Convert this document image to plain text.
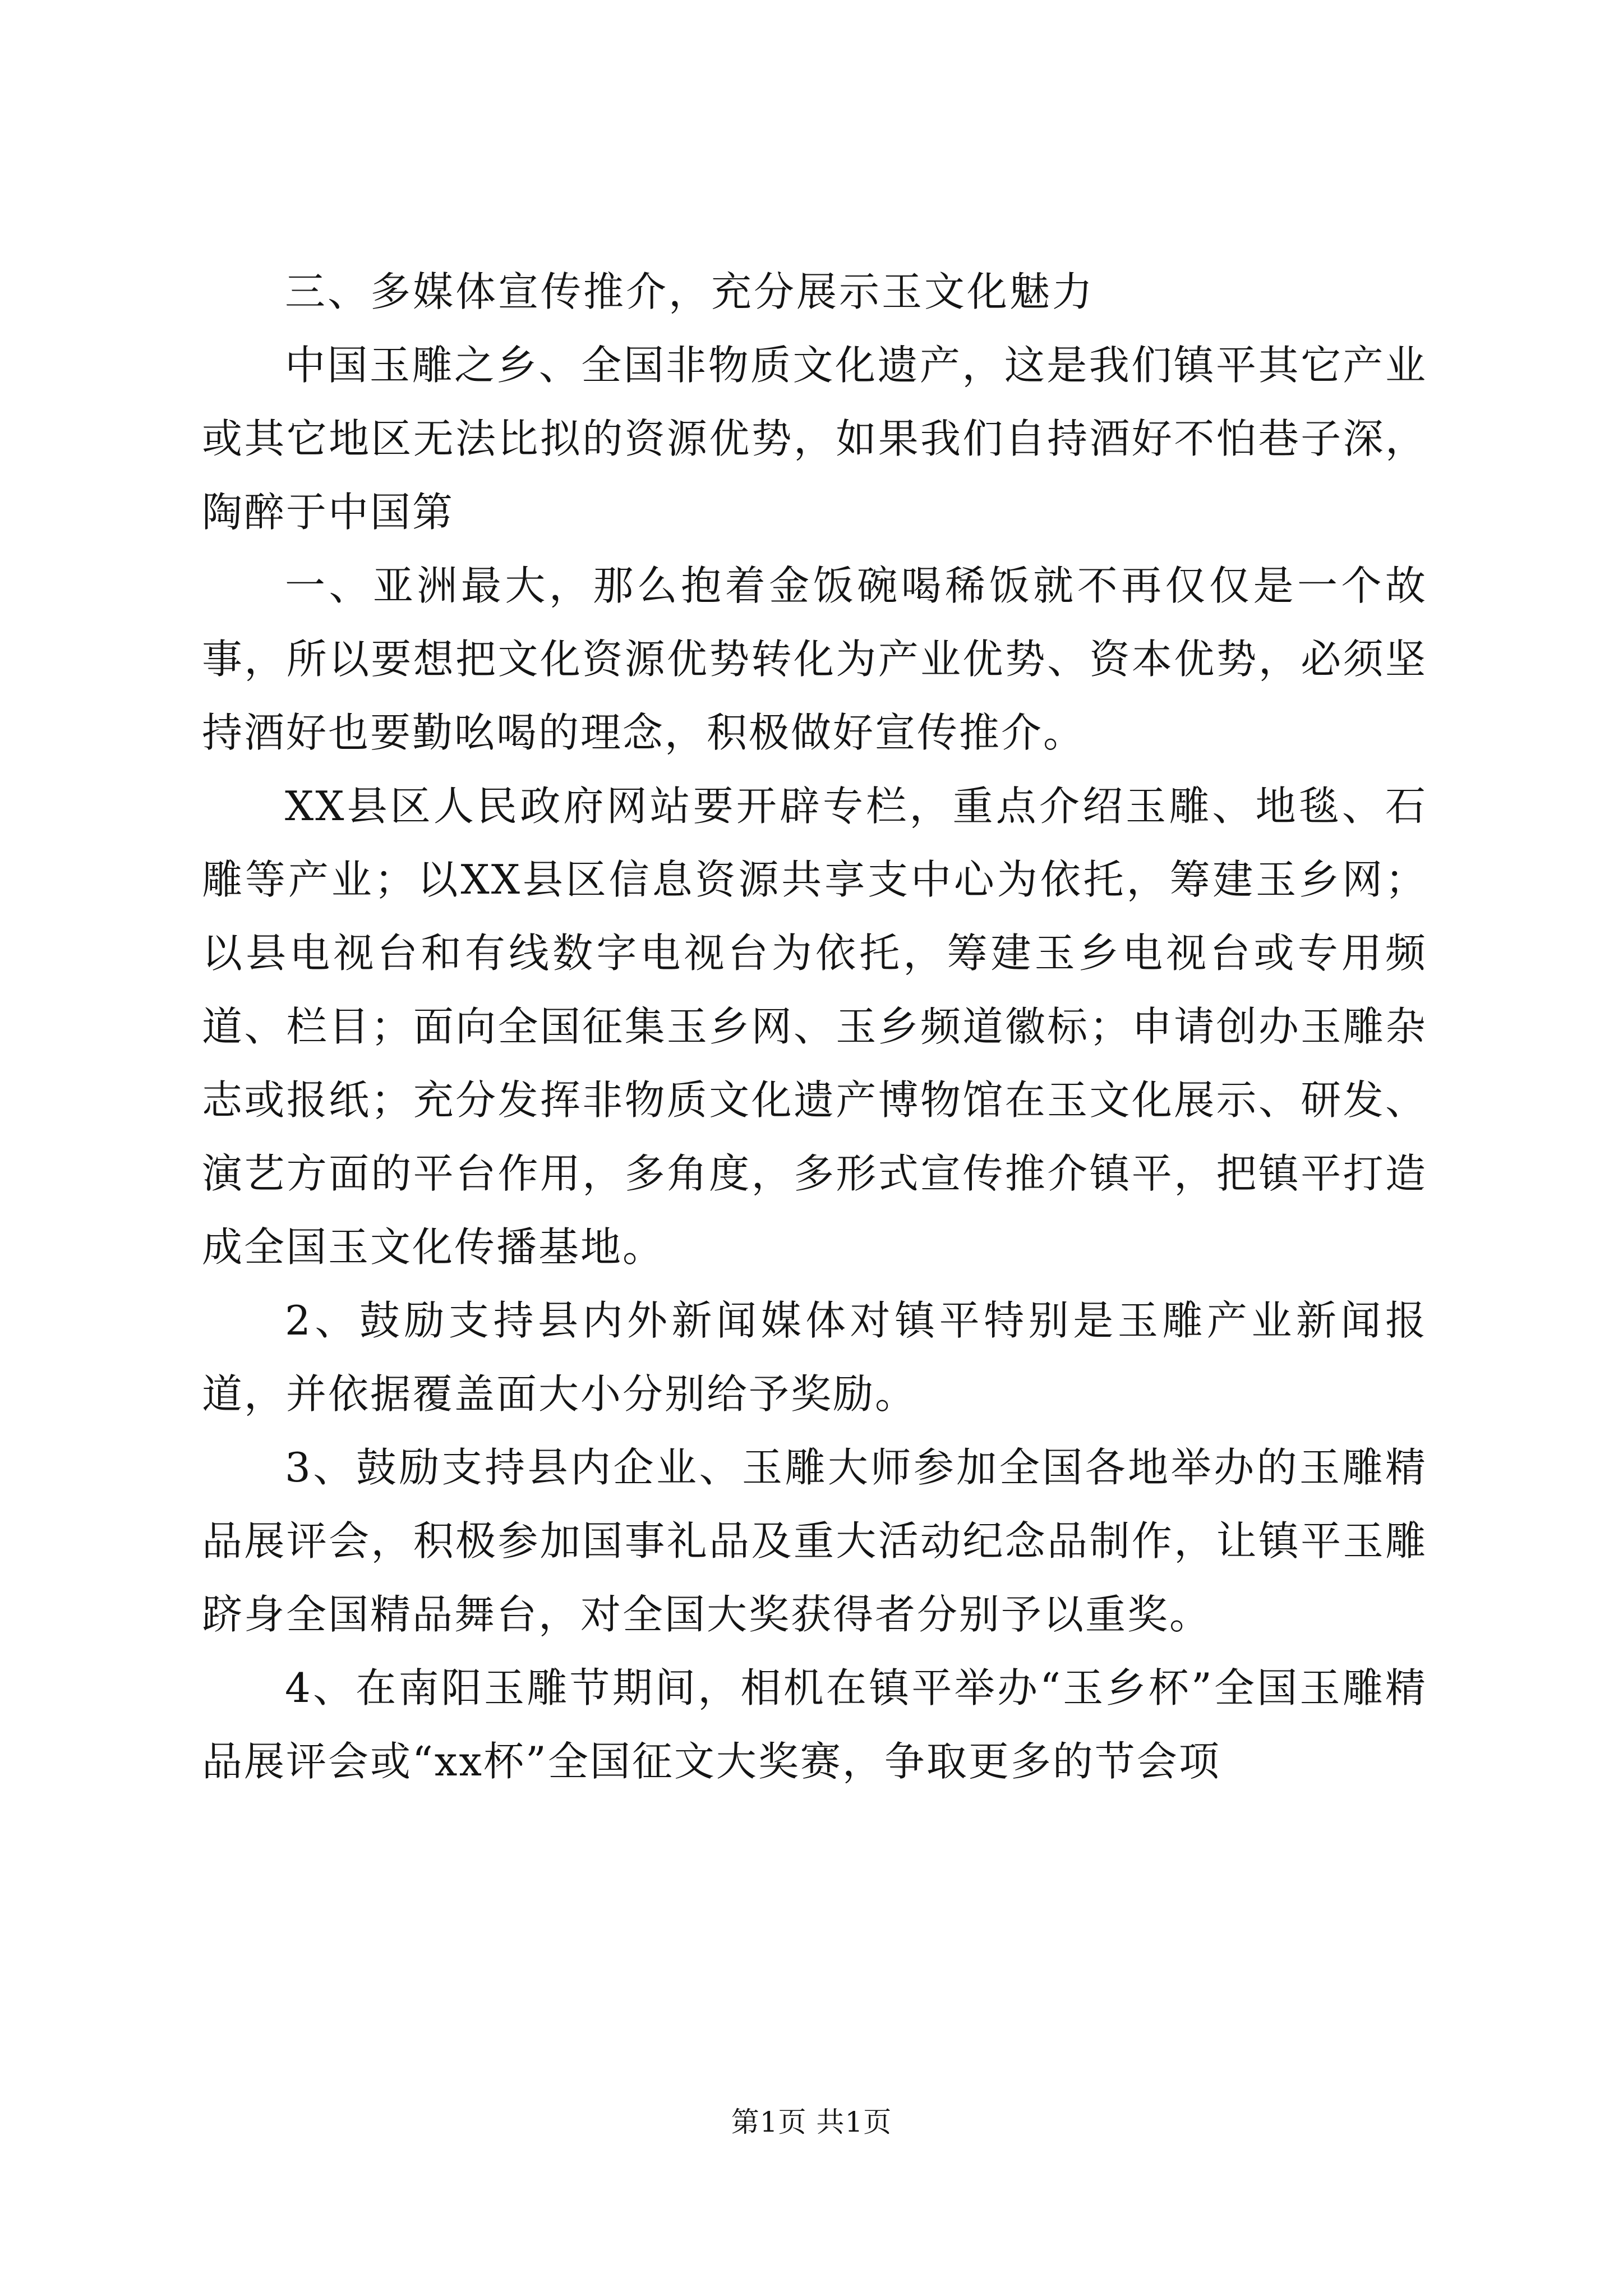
三、多媒体宣传推介，充分展示玉文化魅力

中国玉雕之乡、全国非物质文化遗产，这是我们镇平其它产业或其它地区无法比拟的资源优势，如果我们自持酒好不怕巷子深，陶醉于中国第

一、亚洲最大，那么抱着金饭碗喝稀饭就不再仅仅是一个故事，所以要想把文化资源优势转化为产业优势、资本优势，必须坚持酒好也要勤吆喝的理念，积极做好宣传推介。

XX县区人民政府网站要开辟专栏，重点介绍玉雕、地毯、石雕等产业；以XX县区信息资源共享支中心为依托，筹建玉乡网；以县电视台和有线数字电视台为依托，筹建玉乡电视台或专用频道、栏目；面向全国征集玉乡网、玉乡频道徽标；申请创办玉雕杂志或报纸；充分发挥非物质文化遗产博物馆在玉文化展示、研发、演艺方面的平台作用，多角度，多形式宣传推介镇平，把镇平打造成全国玉文化传播基地。

2、鼓励支持县内外新闻媒体对镇平特别是玉雕产业新闻报道，并依据覆盖面大小分别给予奖励。

3、鼓励支持县内企业、玉雕大师参加全国各地举办的玉雕精品展评会，积极参加国事礼品及重大活动纪念品制作，让镇平玉雕跻身全国精品舞台，对全国大奖获得者分别予以重奖。

4、在南阳玉雕节期间，相机在镇平举办“玉乡杯”全国玉雕精品展评会或“xx杯”全国征文大奖赛，争取更多的节会项

第1页 共1页
